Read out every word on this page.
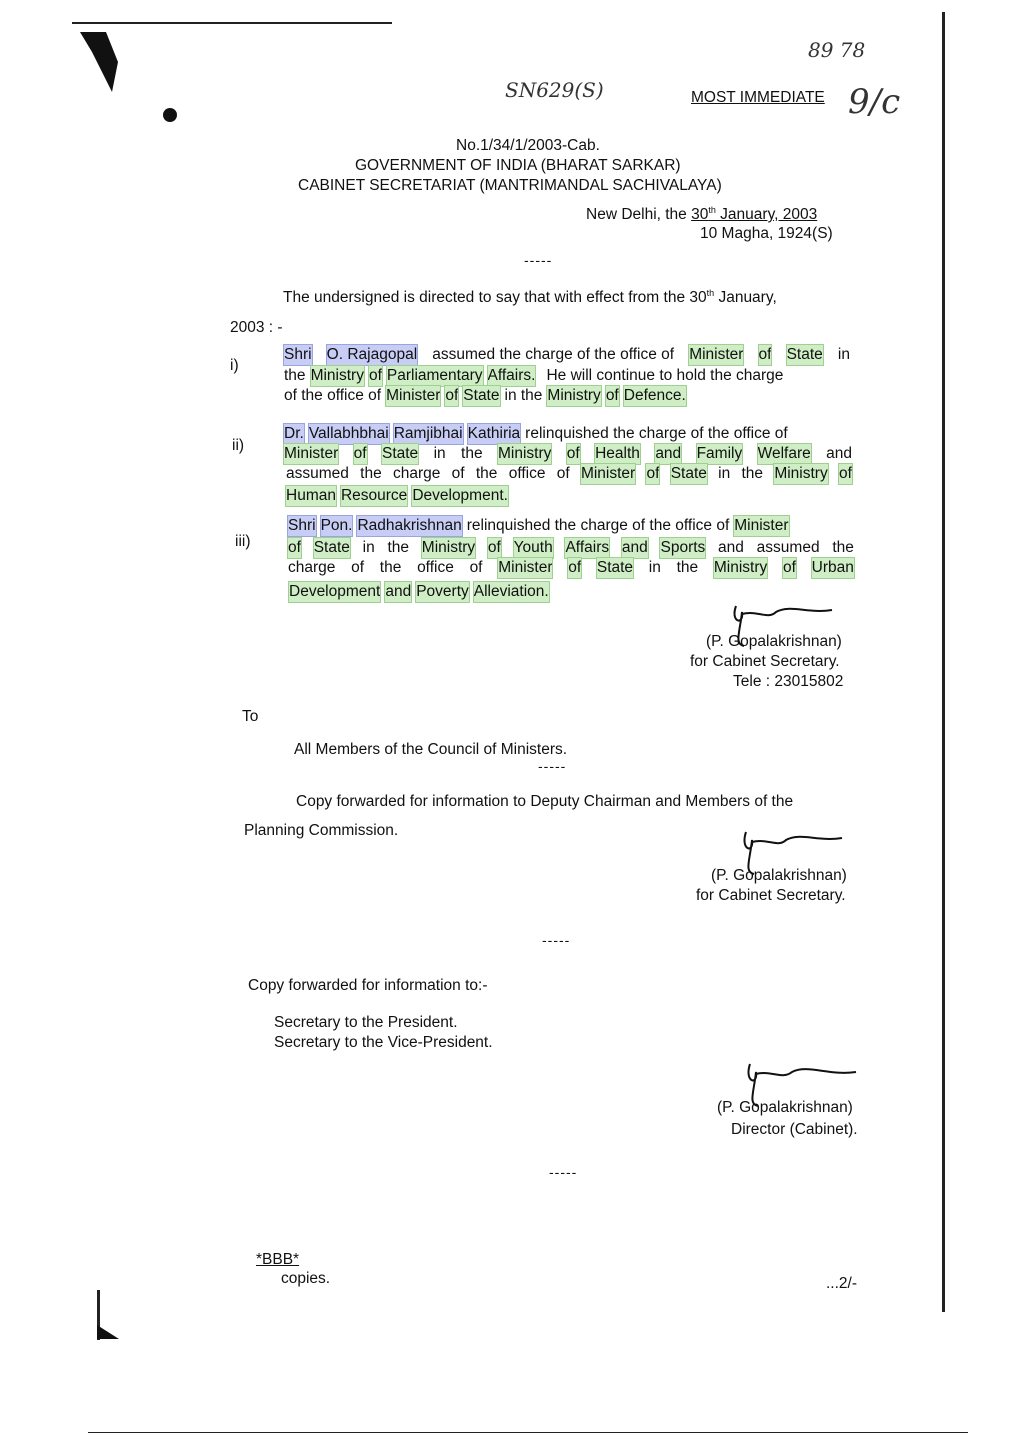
SN629(S)
89 78
9/c
MOST IMMEDIATE
No.1/34/1/2003-Cab.
GOVERNMENT OF INDIA (BHARAT SARKAR)
CABINET SECRETARIAT (MANTRIMANDAL SACHIVALAYA)
New Delhi, the 30th January, 2003
10 Magha, 1924(S)
-----
The undersigned is directed to say that with effect from the 30th January,
2003 : -
i)
Shri O. Rajagopal assumed the charge of the office of Minister of State in
the Ministry of Parliamentary Affairs. He will continue to hold the charge
of the office of Minister of State in the Ministry of Defence.
ii)
Dr. Vallabhbhai Ramjibhai Kathiria relinquished the charge of the office of
Minister of State in the Ministry of Health and Family Welfare and
assumed the charge of the office of Minister of State in the Ministry of
Human Resource Development.
iii)
Shri Pon. Radhakrishnan relinquished the charge of the office of Minister
of State in the Ministry of Youth Affairs and Sports and assumed the
charge of the office of Minister of State in the Ministry of Urban
Development and Poverty Alleviation.
(P. Gopalakrishnan)
for Cabinet Secretary.
Tele : 23015802
To
All Members of the Council of Ministers.
-----
Copy forwarded for information to Deputy Chairman and Members of the
Planning Commission.
(P. Gopalakrishnan)
for Cabinet Secretary.
-----
Copy forwarded for information to:-
Secretary to the President.
Secretary to the Vice-President.
(P. Gopalakrishnan)
Director (Cabinet).
-----
*BBB*
copies.	...2/-
